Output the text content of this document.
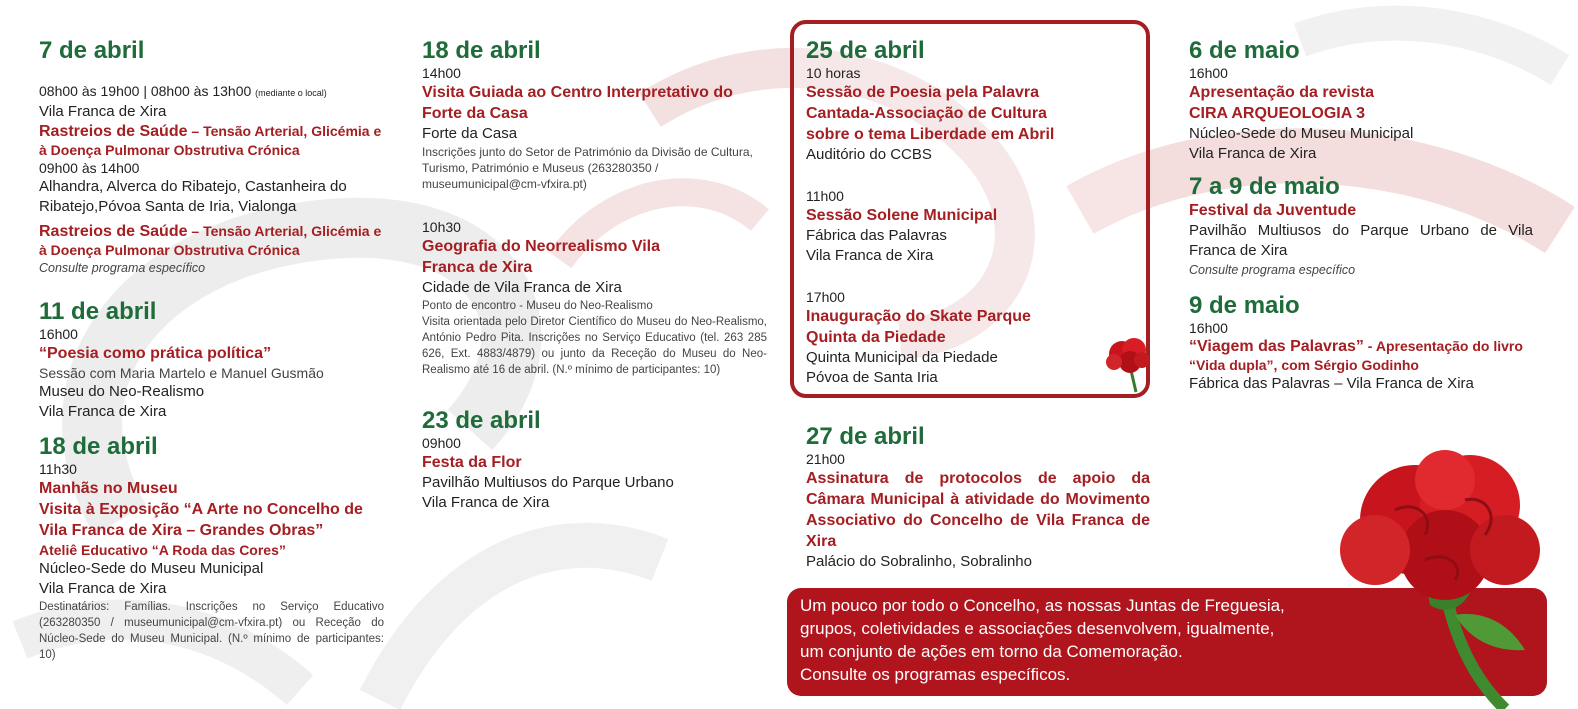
7 de abril
08h00 às 19h00 | 08h00 às 13h00 (mediante o local)
Vila Franca de Xira
Rastreios de Saúde – Tensão Arterial, Glicémia e à Doença Pulmonar Obstrutiva Crónica
09h00 às 14h00
Alhandra, Alverca do Ribatejo, Castanheira do Ribatejo,Póvoa Santa de Iria, Vialonga
Rastreios de Saúde – Tensão Arterial, Glicémia e à Doença Pulmonar Obstrutiva Crónica
Consulte programa específico
11 de abril
16h00
“Poesia como prática política”
Sessão com Maria Martelo e Manuel Gusmão
Museu do Neo-Realismo
Vila Franca de Xira
18 de abril
11h30
Manhãs no Museu
Visita à Exposição “A Arte no Concelho de Vila Franca de Xira – Grandes Obras”
Ateliê Educativo “A Roda das Cores”
Núcleo-Sede do Museu Municipal
Vila Franca de Xira
Destinatários: Famílias. Inscrições no Serviço Educativo (263280350 / museumunicipal@cm-vfxira.pt) ou Receção do Núcleo-Sede do Museu Municipal. (N.º mínimo de participantes: 10)
18 de abril
14h00
Visita Guiada ao Centro Interpretativo do Forte da Casa
Forte da Casa
Inscrições junto do Setor de Património da Divisão de Cultura, Turismo, Património e Museus (263280350 / museumunicipal@cm-vfxira.pt)
10h30
Geografia do Neorrealismo Vila Franca de Xira
Cidade de Vila Franca de Xira
Ponto de encontro - Museu do Neo-Realismo
Visita orientada pelo Diretor Científico do Museu do Neo-Realismo, António Pedro Pita. Inscrições no Serviço Educativo (tel. 263 285 626, Ext. 4883/4879) ou junto da Receção do Museu do Neo-Realismo até 16 de abril. (N.º mínimo de participantes: 10)
23 de abril
09h00
Festa da Flor
Pavilhão Multiusos do Parque Urbano
Vila Franca de Xira
25 de abril
10 horas
Sessão de Poesia pela Palavra Cantada-Associação de Cultura sobre o tema Liberdade em Abril
Auditório do CCBS
11h00
Sessão Solene Municipal
Fábrica das Palavras
Vila Franca de Xira
17h00
Inauguração do Skate Parque Quinta da Piedade
Quinta Municipal da Piedade
Póvoa de Santa Iria
27 de abril
21h00
Assinatura de protocolos de apoio da Câmara Municipal à atividade do Movimento Associativo do Concelho de Vila Franca de Xira
Palácio do Sobralinho, Sobralinho
6 de maio
16h00
Apresentação da revista
CIRA ARQUEOLOGIA 3
Núcleo-Sede do Museu Municipal
Vila Franca de Xira
7 a 9 de maio
Festival da Juventude
Pavilhão Multiusos do Parque Urbano de Vila Franca de Xira
Consulte programa específico
9 de maio
16h00
“Viagem das Palavras” - Apresentação do livro “Vida dupla”, com Sérgio Godinho
Fábrica das Palavras – Vila Franca de Xira
Um pouco por todo o Concelho, as nossas Juntas de Freguesia,
grupos, coletividades e associações desenvolvem, igualmente,
um conjunto de ações em torno da Comemoração.
Consulte os programas específicos.
